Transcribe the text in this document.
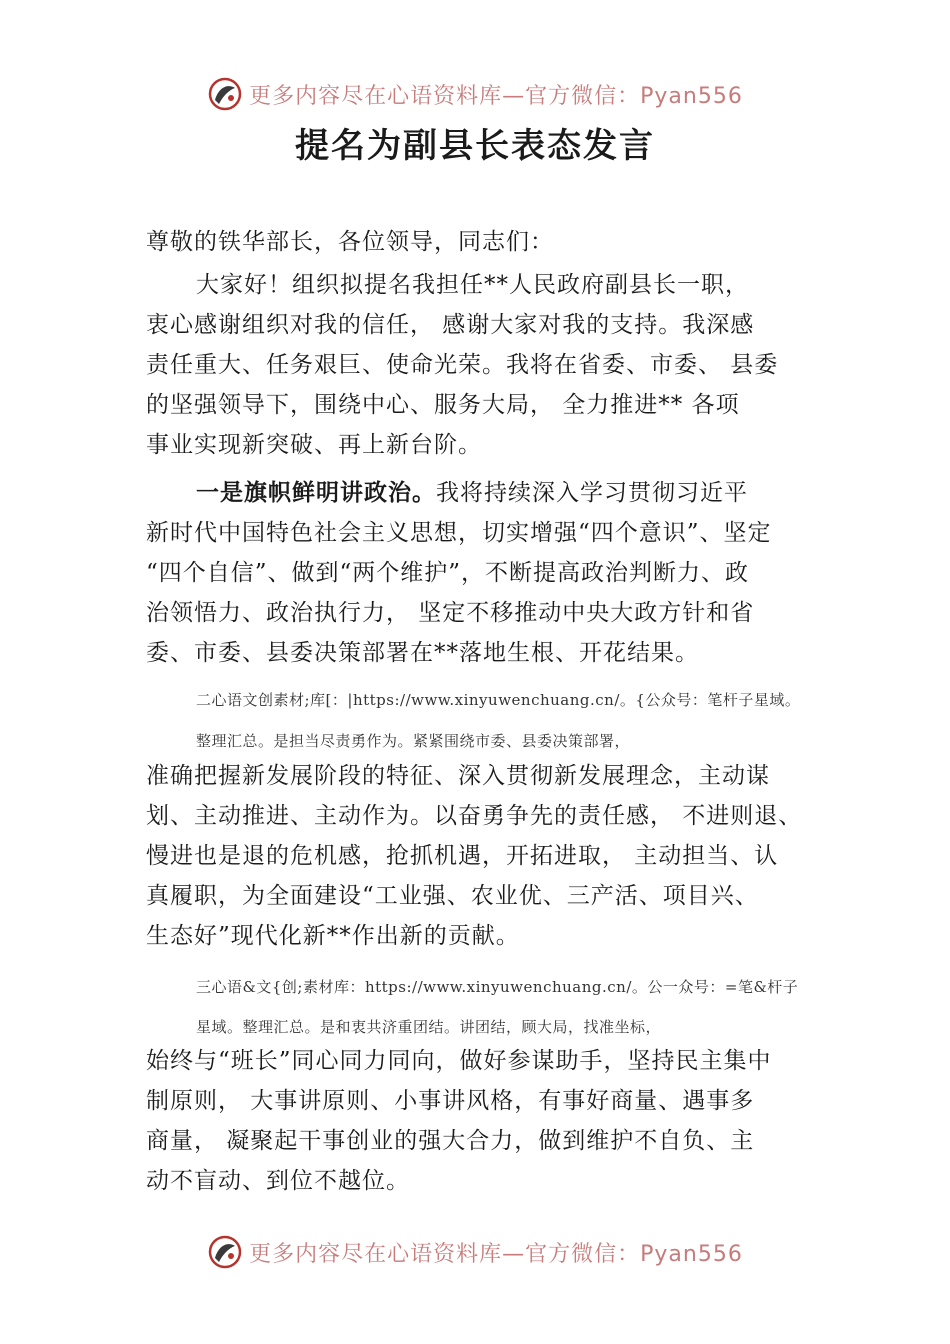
更多内容尽在心语资料库—官方微信：Pyan556
提名为副县长表态发言

尊敬的铁华部长，各位领导，同志们：

大家好！组织拟提名我担任**人民政府副县长一职，
衷心感谢组织对我的信任， 感谢大家对我的支持。我深感
责任重大、任务艰巨、使命光荣。我将在省委、市委、 县委
的坚强领导下，围绕中心、服务大局， 全力推进** 各项
事业实现新突破、再上新台阶。
一是旗帜鲜明讲政治。我将持续深入学习贯彻习近平
新时代中国特色社会主义思想，切实增强“四个意识”、坚定
“四个自信”、做到“两个维护”，不断提高政治判断力、政
治领悟力、政治执行力， 坚定不移推动中央大政方针和省
委、市委、县委决策部署在**落地生根、开花结果。

二心语文创素材;库[：|https://www.xinyuwenchuang.cn/。{公众号：笔杆子星域。

整理汇总。是担当尽责勇作为。紧紧围绕市委、县委决策部署，

准确把握新发展阶段的特征、深入贯彻新发展理念，主动谋
划、主动推进、主动作为。以奋勇争先的责任感， 不进则退、
慢进也是退的危机感，抢抓机遇，开拓进取， 主动担当、认
真履职，为全面建设“工业强、农业优、三产活、项目兴、
生态好”现代化新**作出新的贡献。

三心语&文{创;素材库：https://www.xinyuwenchuang.cn/。公一众号：=笔&杆子

星域。整理汇总。是和衷共济重团结。讲团结，顾大局，找准坐标，

始终与“班长”同心同力同向，做好参谋助手，坚持民主集中
制原则， 大事讲原则、小事讲风格，有事好商量、遇事多
商量， 凝聚起干事创业的强大合力，做到维护不自负、主
动不盲动、到位不越位。
更多内容尽在心语资料库—官方微信：Pyan556
